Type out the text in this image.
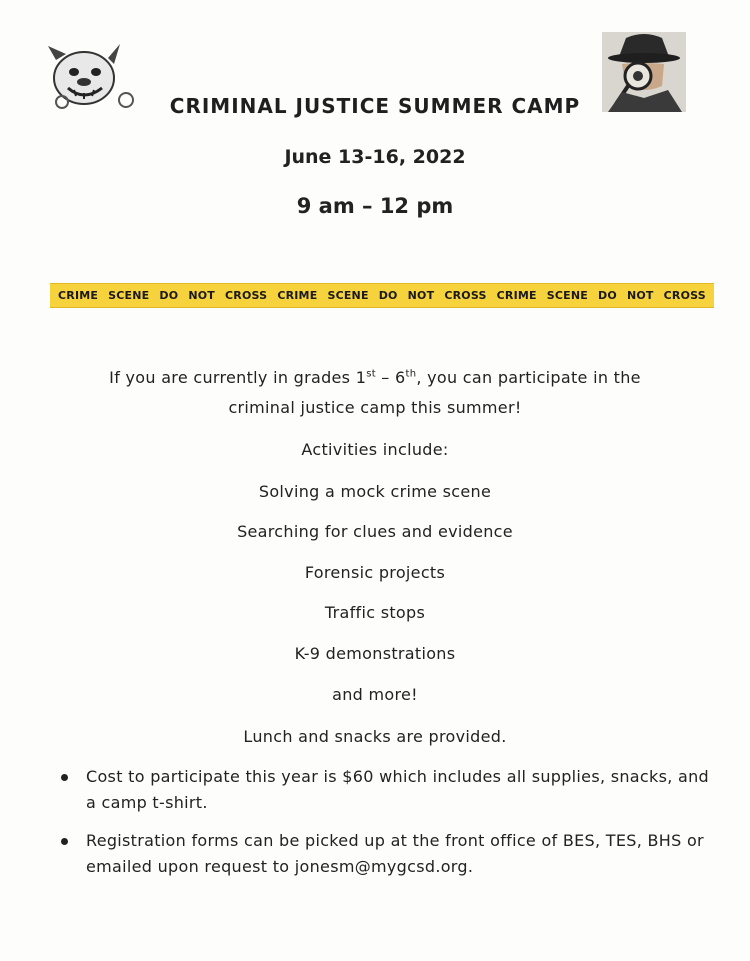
CRIMINAL JUSTICE SUMMER CAMP
June 13-16, 2022
9 am – 12 pm
CRIME SCENE DO NOT CROSS CRIME SCENE DO NOT CROSS CRIME SCENE DO NOT CROSS
If you are currently in grades 1st – 6th, you can participate in the
criminal justice camp this summer!
Activities include:
Solving a mock crime scene
Searching for clues and evidence
Forensic projects
Traffic stops
K-9 demonstrations
and more!
Lunch and snacks are provided.
Cost to participate this year is $60 which includes all supplies, snacks, and a camp t-shirt.
Registration forms can be picked up at the front office of BES, TES, BHS or emailed upon request to jonesm@mygcsd.org.
